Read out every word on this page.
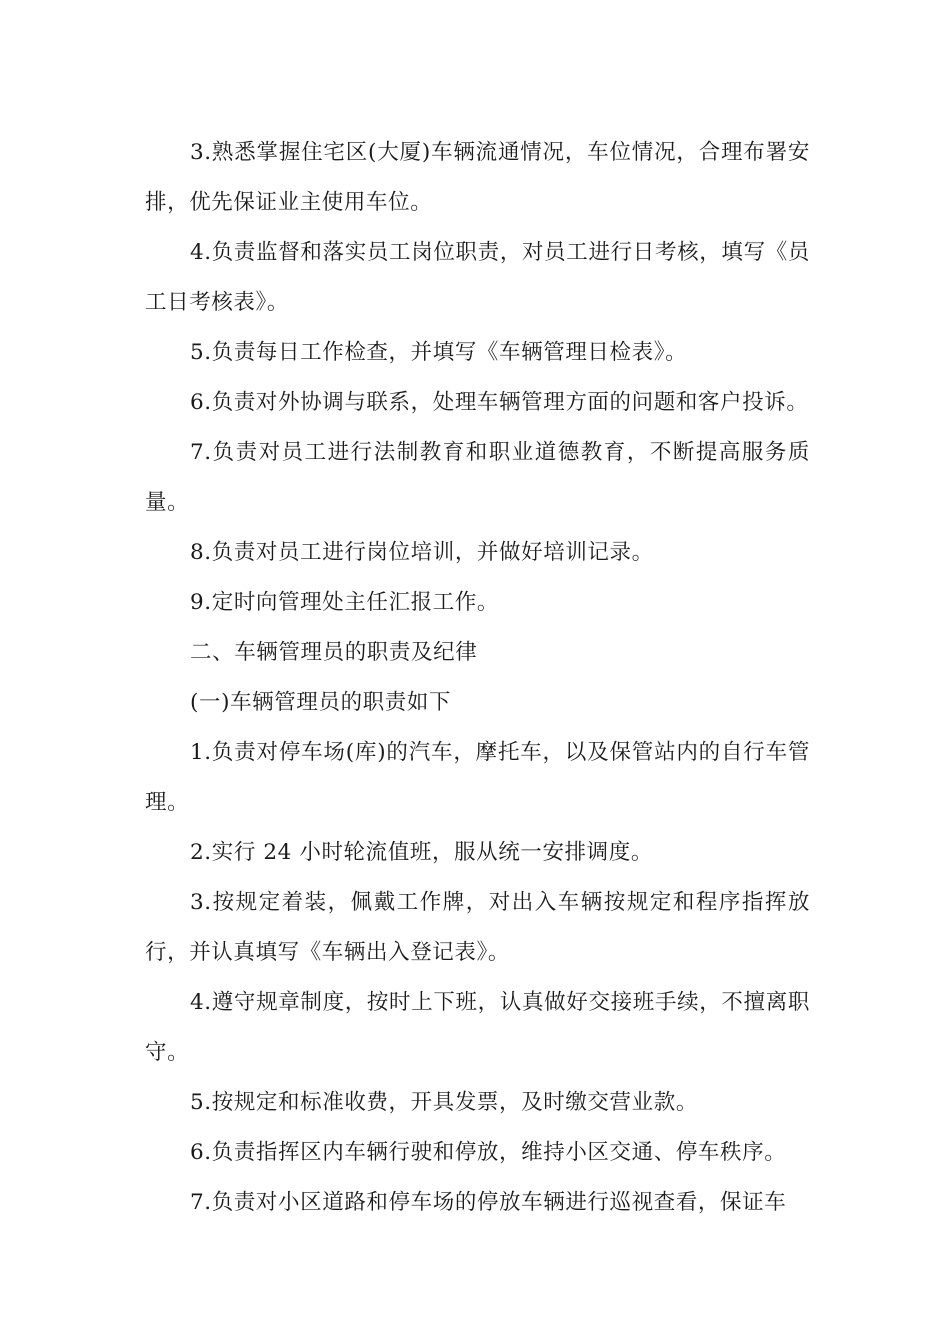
3.熟悉掌握住宅区(大厦)车辆流通情况，车位情况，合理布署安排，优先保证业主使用车位。

4.负责监督和落实员工岗位职责，对员工进行日考核，填写《员工日考核表》。

5.负责每日工作检查，并填写《车辆管理日检表》。

6.负责对外协调与联系，处理车辆管理方面的问题和客户投诉。

7.负责对员工进行法制教育和职业道德教育，不断提高服务质量。

8.负责对员工进行岗位培训，并做好培训记录。

9.定时向管理处主任汇报工作。

二、车辆管理员的职责及纪律

(一)车辆管理员的职责如下

1.负责对停车场(库)的汽车，摩托车，以及保管站内的自行车管理。

2.实行 24 小时轮流值班，服从统一安排调度。

3.按规定着装，佩戴工作牌，对出入车辆按规定和程序指挥放行，并认真填写《车辆出入登记表》。

4.遵守规章制度，按时上下班，认真做好交接班手续，不擅离职守。

5.按规定和标准收费，开具发票，及时缴交营业款。

6.负责指挥区内车辆行驶和停放，维持小区交通、停车秩序。

7.负责对小区道路和停车场的停放车辆进行巡视查看，保证车
